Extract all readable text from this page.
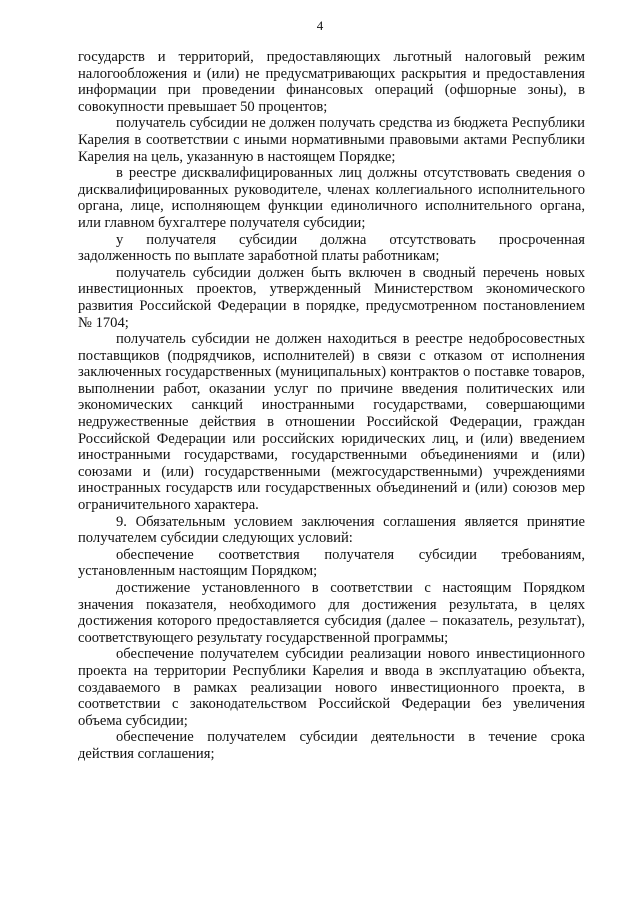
4

государств и территорий, предоставляющих льготный налоговый режим налогообложения и (или) не предусматривающих раскрытия и предоставления информации при проведении финансовых операций (офшорные зоны), в совокупности превышает 50 процентов;

получатель субсидии не должен получать средства из бюджета Республики Карелия в соответствии с иными нормативными правовыми актами Республики Карелия на цель, указанную в настоящем Порядке;

в реестре дисквалифицированных лиц должны отсутствовать сведения о дисквалифицированных руководителе, членах коллегиального исполнительного органа, лице, исполняющем функции единоличного исполнительного органа, или главном бухгалтере получателя субсидии;

у получателя субсидии должна отсутствовать просроченная задолженность по выплате заработной платы работникам;

получатель субсидии должен быть включен в сводный перечень новых инвестиционных проектов, утвержденный Министерством экономического развития Российской Федерации в порядке, предусмотренном постановлением № 1704;

получатель субсидии не должен находиться в реестре недобросовестных поставщиков (подрядчиков, исполнителей) в связи с отказом от исполнения заключенных государственных (муниципальных) контрактов о поставке товаров, выполнении работ, оказании услуг по причине введения политических или экономических санкций иностранными государствами, совершающими недружественные действия в отношении Российской Федерации, граждан Российской Федерации или российских юридических лиц, и (или) введением иностранными государствами, государственными объединениями и (или) союзами и (или) государственными (межгосударственными) учреждениями иностранных государств или государственных объединений и (или) союзов мер ограничительного характера.

9. Обязательным условием заключения соглашения является принятие получателем субсидии следующих условий:

обеспечение соответствия получателя субсидии требованиям, установленным настоящим Порядком;

достижение установленного в соответствии с настоящим Порядком значения показателя, необходимого для достижения результата, в целях достижения которого предоставляется субсидия (далее – показатель, результат), соответствующего результату государственной программы;

обеспечение получателем субсидии реализации нового инвестиционного проекта на территории Республики Карелия и ввода в эксплуатацию объекта, создаваемого в рамках реализации нового инвестиционного проекта, в соответствии с законодательством Российской Федерации без увеличения объема субсидии;

обеспечение получателем субсидии деятельности в течение срока действия соглашения;
